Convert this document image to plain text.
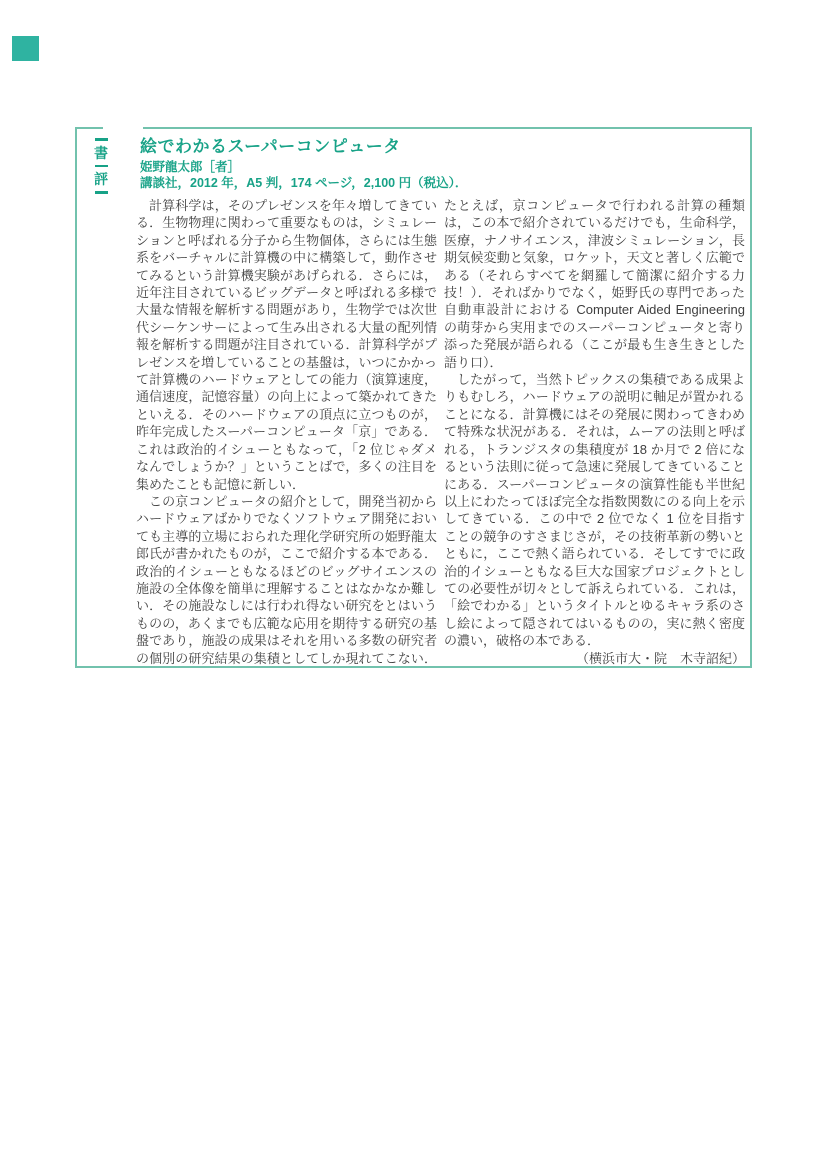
書
評
絵でわかるスーパーコンピュータ
姫野龍太郎［者］
講談社，2012 年，A5 判，174 ページ，2,100 円（税込）．

計算科学は，そのプレゼンスを年々増してきている．生物物理に関わって重要なものは，シミュレーションと呼ばれる分子から生物個体，さらには生態系をバーチャルに計算機の中に構築して，動作させてみるという計算機実験があげられる．さらには，近年注目されているビッグデータと呼ばれる多様で大量な情報を解析する問題があり，生物学では次世代シーケンサーによって生み出される大量の配列情報を解析する問題が注目されている．計算科学がプレゼンスを増していることの基盤は，いつにかかって計算機のハードウェアとしての能力（演算速度，通信速度，記憶容量）の向上によって築かれてきたといえる．そのハードウェアの頂点に立つものが，昨年完成したスーパーコンピュータ「京」である．これは政治的イシューともなって，「2 位じゃダメなんでしょうか？」ということばで，多くの注目を集めたことも記憶に新しい．

この京コンピュータの紹介として，開発当初からハードウェアばかりでなくソフトウェア開発においても主導的立場におられた理化学研究所の姫野龍太郎氏が書かれたものが，ここで紹介する本である．政治的イシューともなるほどのビッグサイエンスの施設の全体像を簡単に理解することはなかなか難しい．その施設なしには行われ得ない研究をとはいうものの，あくまでも広範な応用を期待する研究の基盤であり，施設の成果はそれを用いる多数の研究者の個別の研究結果の集積としてしか現れてこない．たとえば，京コンピュータで行われる計算の種類は，この本で紹介されているだけでも，生命科学，医療，ナノサイエンス，津波シミュレーション，長期気候変動と気象，ロケット，天文と著しく広範である（それらすべてを網羅して簡潔に紹介する力技！）．そればかりでなく，姫野氏の専門であった自動車設計における Computer Aided Engineering の萌芽から実用までのスーパーコンピュータと寄り添った発展が語られる（ここが最も生き生きとした語り口）．

したがって，当然トピックスの集積である成果よりもむしろ，ハードウェアの説明に軸足が置かれることになる．計算機にはその発展に関わってきわめて特殊な状況がある．それは，ムーアの法則と呼ばれる，トランジスタの集積度が 18 か月で 2 倍になるという法則に従って急速に発展してきていることにある．スーパーコンピュータの演算性能も半世紀以上にわたってほぼ完全な指数関数にのる向上を示してきている．この中で 2 位でなく 1 位を目指すことの競争のすさまじさが，その技術革新の勢いとともに，ここで熱く語られている．そしてすでに政治的イシューともなる巨大な国家プロジェクトとしての必要性が切々として訴えられている．これは，「絵でわかる」というタイトルとゆるキャラ系のさし絵によって隠されてはいるものの，実に熱く密度の濃い，破格の本である．

（横浜市大・院　木寺詔紀）
